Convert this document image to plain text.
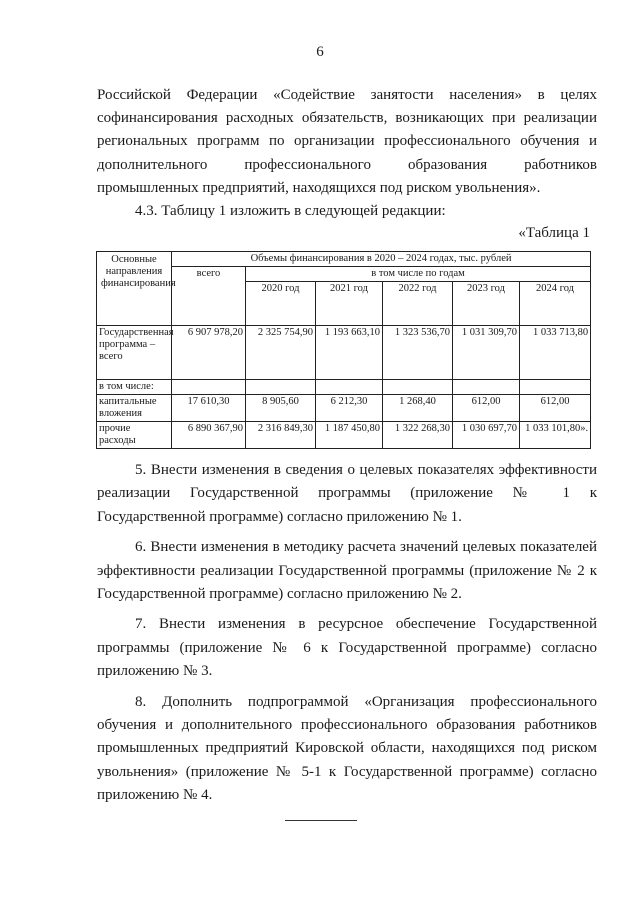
6
Российской Федерации «Содействие занятости населения» в целях софинансирования расходных обязательств, возникающих при реализации региональных программ по организации профессионального обучения и дополнительного профессионального образования работников промышленных предприятий, находящихся под риском увольнения».
4.3. Таблицу 1 изложить в следующей редакции:
«Таблица 1
Основные направления финансирования	Объемы финансирования в 2020 – 2024 годах, тыс. рублей					
	всего	в том числе по годам				
		2020 год	2021 год	2022 год	2023 год	2024 год
Государственная программа – всего	6 907 978,20	2 325 754,90	1 193 663,10	1 323 536,70	1 031 309,70	1 033 713,80
в том числе:						
капитальные вложения	17 610,30	8 905,60	6 212,30	1 268,40	612,00	612,00
прочие расходы	6 890 367,90	2 316 849,30	1 187 450,80	1 322 268,30	1 030 697,70	1 033 101,80».

5. Внести изменения в сведения о целевых показателях эффективности реализации Государственной программы (приложение № 1 к Государственной программе) согласно приложению № 1.

6. Внести изменения в методику расчета значений целевых показателей эффективности реализации Государственной программы (приложение № 2 к Государственной программе) согласно приложению № 2.

7. Внести изменения в ресурсное обеспечение Государственной программы (приложение № 6 к Государственной программе) согласно приложению № 3.

8. Дополнить подпрограммой «Организация профессионального обучения и дополнительного профессионального образования работников промышленных предприятий Кировской области, находящихся под риском увольнения» (приложение № 5-1 к Государственной программе) согласно приложению № 4.
